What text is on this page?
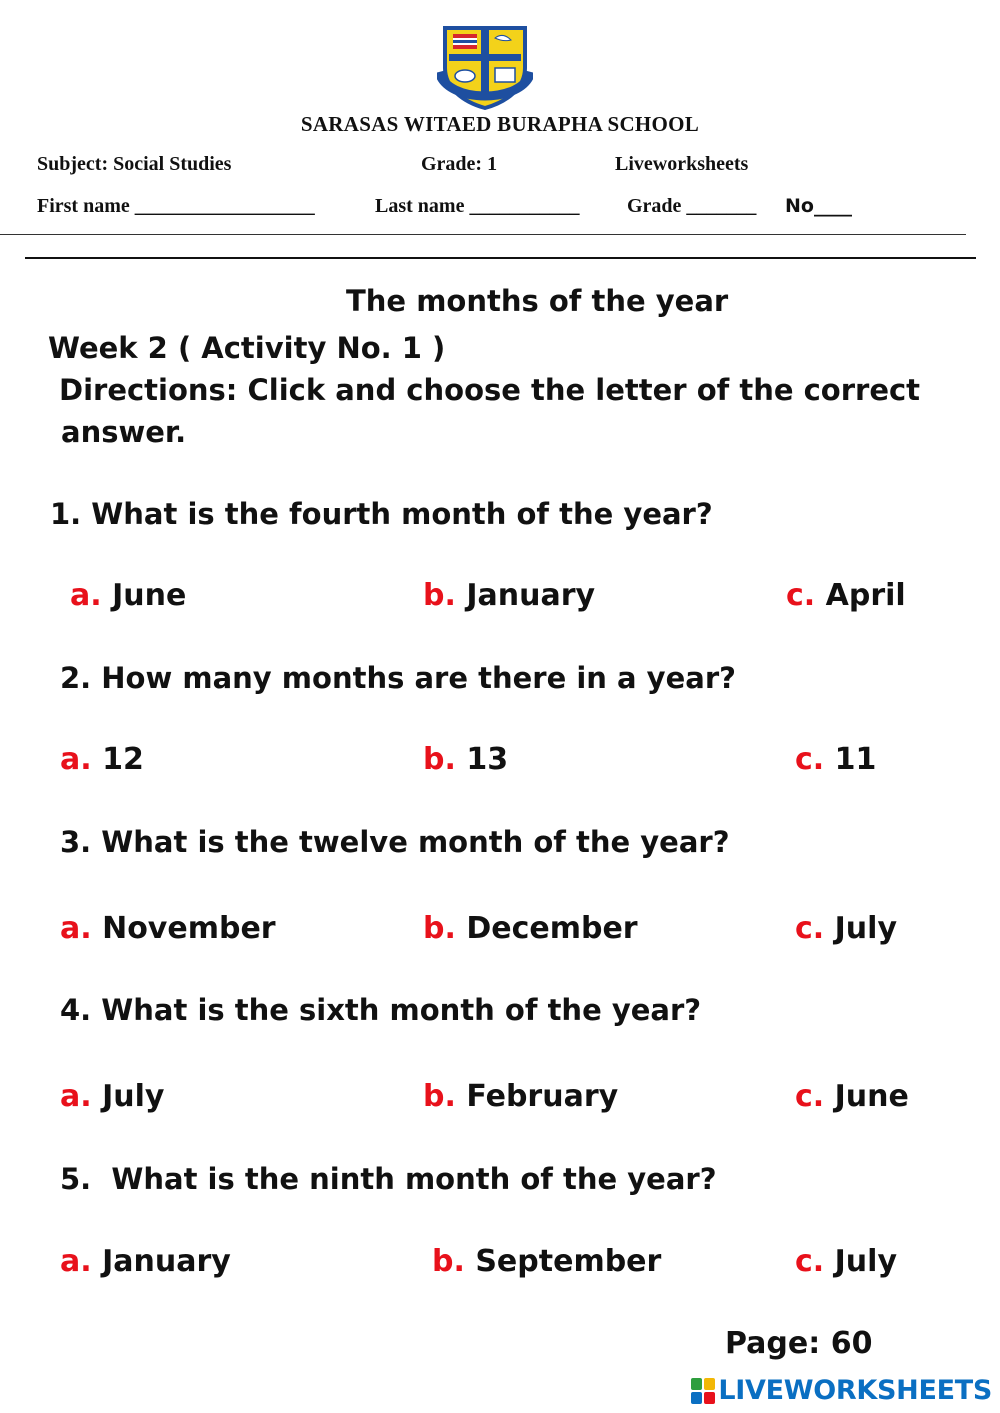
SARASAS WITAED BURAPHA SCHOOL
Subject: Social Studies	Grade: 1	Liveworksheets
First name __________________	Last name ___________ Grade _______ No____
The months of the year
Week 2 ( Activity No. 1 )
Directions: Click and choose the letter of the correct
answer.
1. What is the fourth month of the year?
a. June	b. January	c. April
2. How many months are there in a year?
a. 12	b. 13	c. 11
3. What is the twelve month of the year?
a. November	b. December	c. July
4. What is the sixth month of the year?
a. July	b. February	c. June
5.  What is the ninth month of the year?
a. January	b. September	c. July
Page: 60
LIVEWORKSHEETS
